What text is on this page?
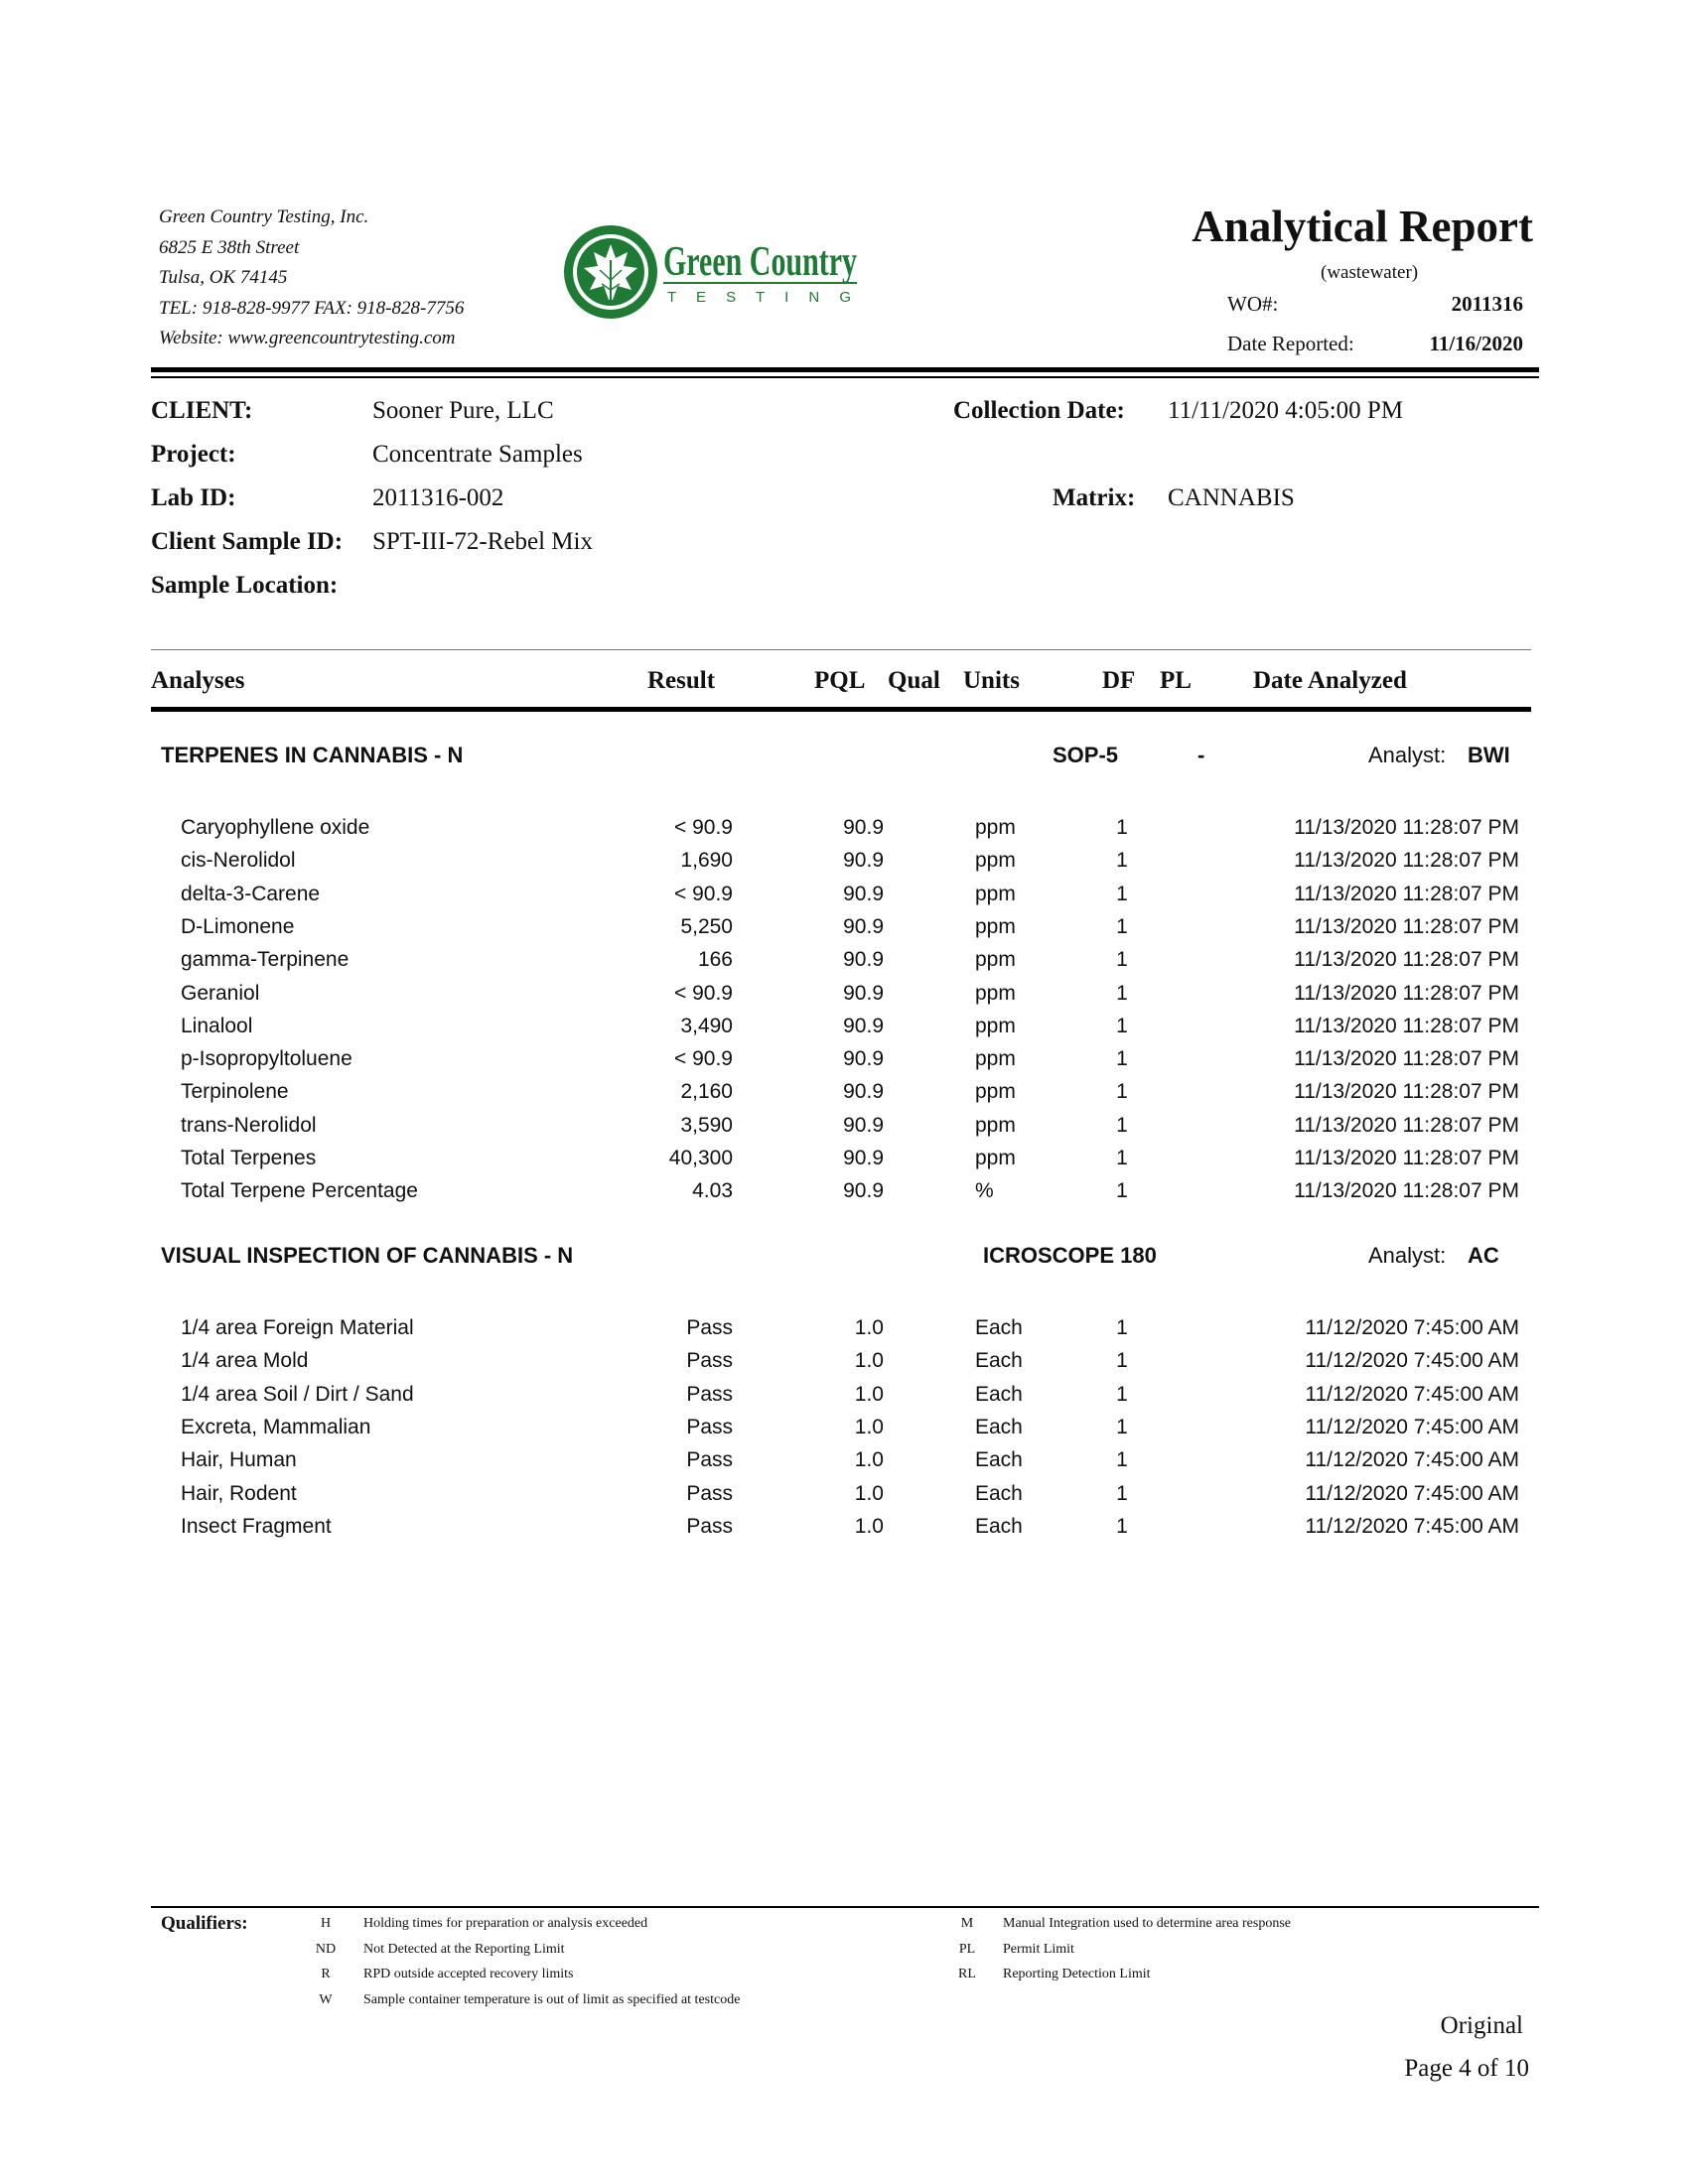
Green Country Testing, Inc.
6825 E 38th Street
Tulsa, OK 74145
TEL: 918-828-9977 FAX: 918-828-7756
Website: www.greencountrytesting.com
Green Country
T E S T I N G
Analytical Report
(wastewater)
WO#:	2011316
Date Reported:	11/16/2020
CLIENT:	Sooner Pure, LLC
Project:	Concentrate Samples
Lab ID:	2011316-002
Client Sample ID: SPT-III-72-Rebel Mix
Sample Location:
Collection Date: 11/11/2020 4:05:00 PM
Matrix: CANNABIS
Analyses	Result	PQL Qual Units	DF PL Date Analyzed
TERPENES IN CANNABIS - N	SOP-5	-	Analyst: BWI
Caryophyllene oxide	< 90.9	90.9	ppm	1	11/13/2020 11:28:07 PM
cis-Nerolidol	1,690	90.9	ppm	1	11/13/2020 11:28:07 PM
delta-3-Carene	< 90.9	90.9	ppm	1	11/13/2020 11:28:07 PM
D-Limonene	5,250	90.9	ppm	1	11/13/2020 11:28:07 PM
gamma-Terpinene	166	90.9	ppm	1	11/13/2020 11:28:07 PM
Geraniol	< 90.9	90.9	ppm	1	11/13/2020 11:28:07 PM
Linalool	3,490	90.9	ppm	1	11/13/2020 11:28:07 PM
p-Isopropyltoluene	< 90.9	90.9	ppm	1	11/13/2020 11:28:07 PM
Terpinolene	2,160	90.9	ppm	1	11/13/2020 11:28:07 PM
trans-Nerolidol	3,590	90.9	ppm	1	11/13/2020 11:28:07 PM
Total Terpenes	40,300	90.9	ppm	1	11/13/2020 11:28:07 PM
Total Terpene Percentage	4.03	90.9	%	1	11/13/2020 11:28:07 PM
VISUAL INSPECTION OF CANNABIS - N	ICROSCOPE 180	Analyst: AC
1/4 area Foreign Material	Pass	1.0	Each	1	11/12/2020 7:45:00 AM
1/4 area Mold	Pass	1.0	Each	1	11/12/2020 7:45:00 AM
1/4 area Soil / Dirt / Sand	Pass	1.0	Each	1	11/12/2020 7:45:00 AM
Excreta, Mammalian	Pass	1.0	Each	1	11/12/2020 7:45:00 AM
Hair, Human	Pass	1.0	Each	1	11/12/2020 7:45:00 AM
Hair, Rodent	Pass	1.0	Each	1	11/12/2020 7:45:00 AM
Insect Fragment	Pass	1.0	Each	1	11/12/2020 7:45:00 AM
Qualifiers:	H	Holding times for preparation or analysis exceeded
ND	Not Detected at the Reporting Limit
R	RPD outside accepted recovery limits
W	Sample container temperature is out of limit as specified at testcode
M	Manual Integration used to determine area response
PL	Permit Limit
RL	Reporting Detection Limit
Original
Page 4 of 10
